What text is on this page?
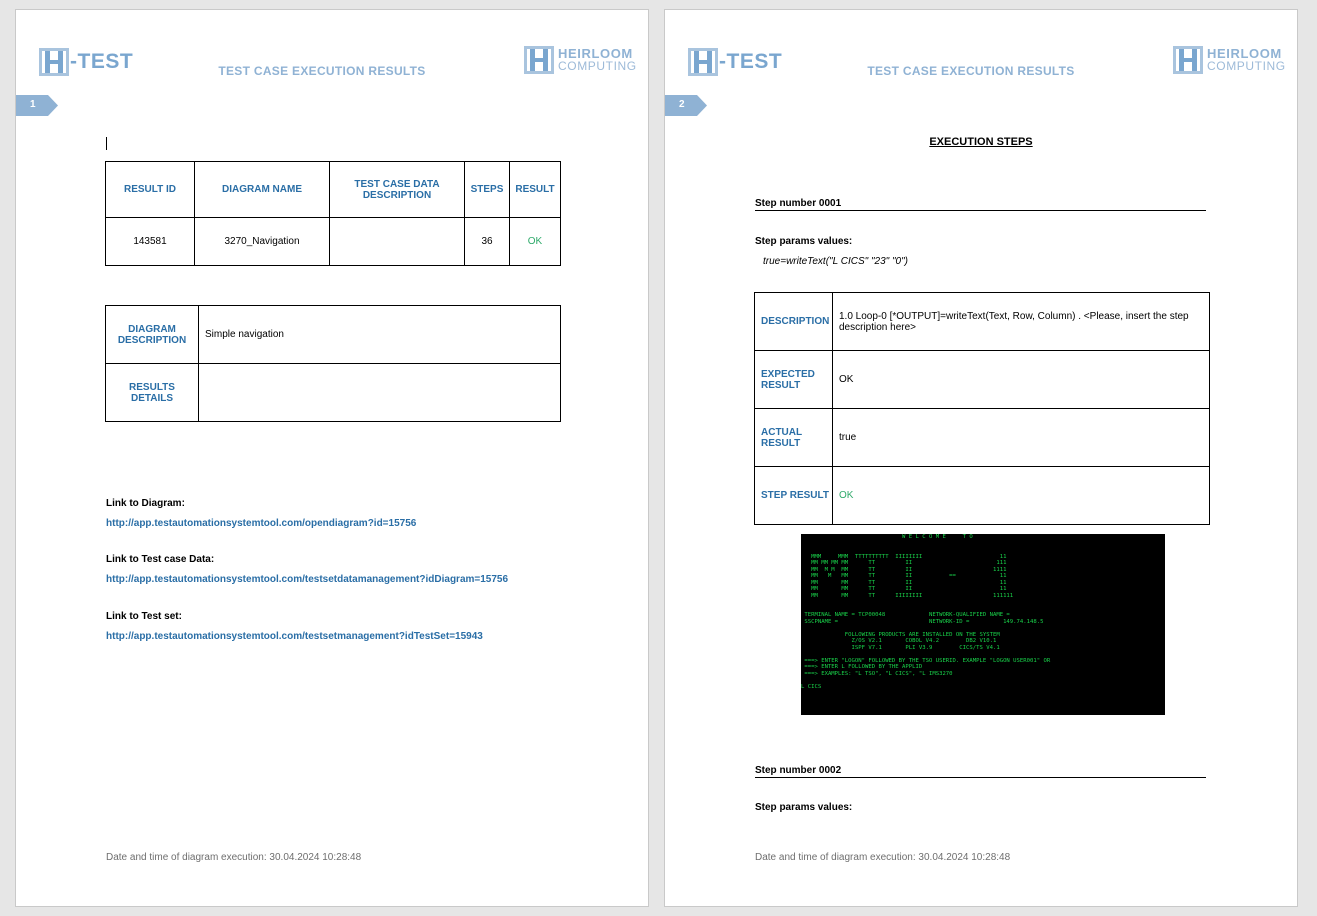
-TEST	HEIRLOOM
COMPUTING
TEST CASE EXECUTION RESULTS
1
RESULT ID	DIAGRAM NAME	TEST CASE DATA DESCRIPTION	STEPS	RESULT
143581	3270_Navigation		36	OK
DIAGRAM DESCRIPTION	Simple navigation
RESULTS DETAILS	
Link to Diagram:
http://app.testautomationsystemtool.com/opendiagram?id=15756
Link to Test case Data:
http://app.testautomationsystemtool.com/testsetdatamanagement?idDiagram=15756
Link to Test set:
http://app.testautomationsystemtool.com/testsetmanagement?idTestSet=15943
Date and time of diagram execution: 30.04.2024 10:28:48
-TEST	HEIRLOOM
COMPUTING
TEST CASE EXECUTION RESULTS
2
EXECUTION STEPS
Step number 0001
Step params values:
true=writeText("L CICS" "23" "0")
DESCRIPTION	1.0 Loop-0 [*OUTPUT]=writeText(Text, Row, Column) . <Please, insert the step description here>
EXPECTED RESULT	OK
ACTUAL RESULT	true
STEP RESULT	OK
W E L C O M E     T O

MMM     MMM  TTTTTTTTTT  IIIIIIII                       11
MM MM MM MM      TT         II                         111
MM  M M  MM      TT         II                        1111
MM   M   MM      TT         II           ==             11
MM       MM      TT         II                          11
MM       MM      TT         II                          11
MM       MM      TT      IIIIIIII                     111111

TERMINAL NAME = TCP00048             NETWORK-QUALIFIED NAME =
SSCPNAME =                           NETWORK-ID =          149.74.148.5

FOLLOWING PRODUCTS ARE INSTALLED ON THE SYSTEM
Z/OS V2.1       COBOL V4.2        DB2 V10.1
ISPF V7.1       PLI V3.9        CICS/TS V4.1

===> ENTER "LOGON" FOLLOWED BY THE TSO USERID. EXAMPLE "LOGON USER001" OR
===> ENTER L FOLLOWED BY THE APPLID
===> EXAMPLES: "L TSO", "L CICS", "L IMS3270

L CICS
Step number 0002
Step params values:
Date and time of diagram execution: 30.04.2024 10:28:48
